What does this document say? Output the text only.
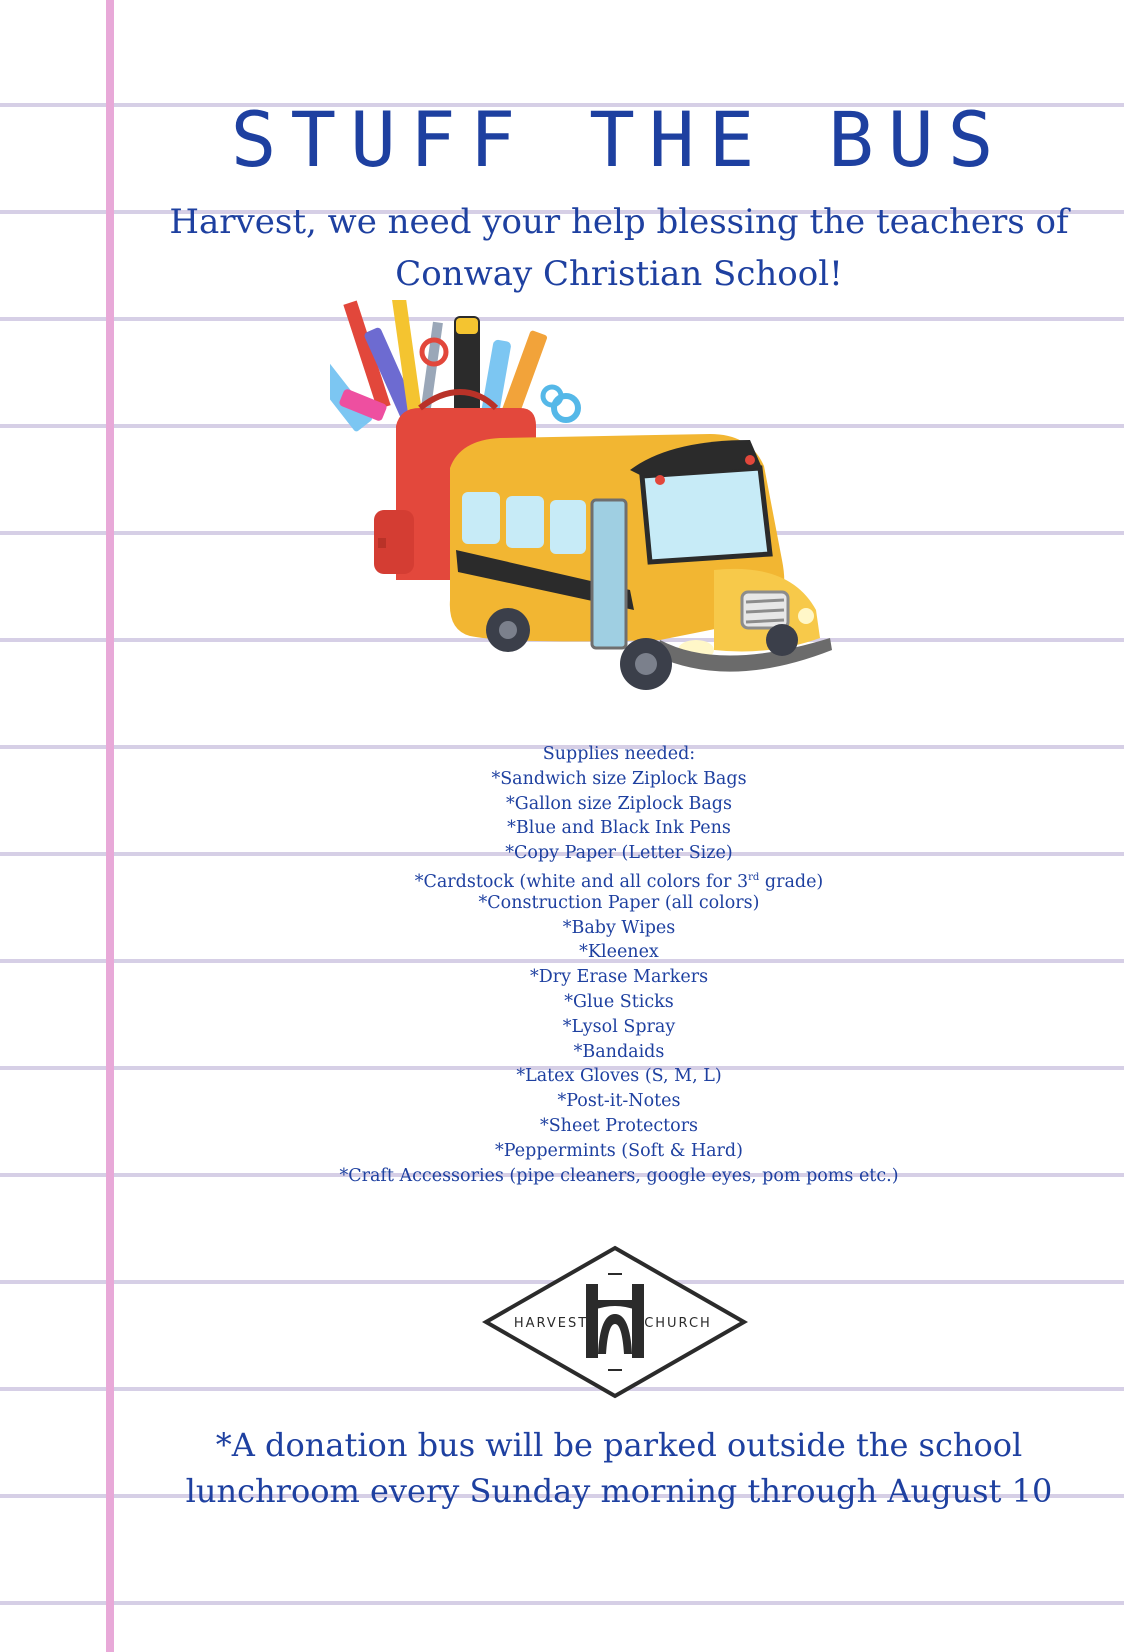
STUFF THE BUS

Harvest, we need your help blessing the teachers of
Conway Christian School!

Supplies needed:
*Sandwich size Ziplock Bags
*Gallon size Ziplock Bags
*Blue and Black Ink Pens
*Copy Paper (Letter Size)
*Cardstock (white and all colors for 3rd grade)
*Construction Paper (all colors)
*Baby Wipes
*Kleenex
*Dry Erase Markers
*Glue Sticks
*Lysol Spray
*Bandaids
*Latex Gloves (S, M, L)
*Post-it-Notes
*Sheet Protectors
*Peppermints (Soft & Hard)
*Craft Accessories (pipe cleaners, google eyes, pom poms etc.)
HARVEST	CHURCH

*A donation bus will be parked outside the school
lunchroom every Sunday morning through August 10
